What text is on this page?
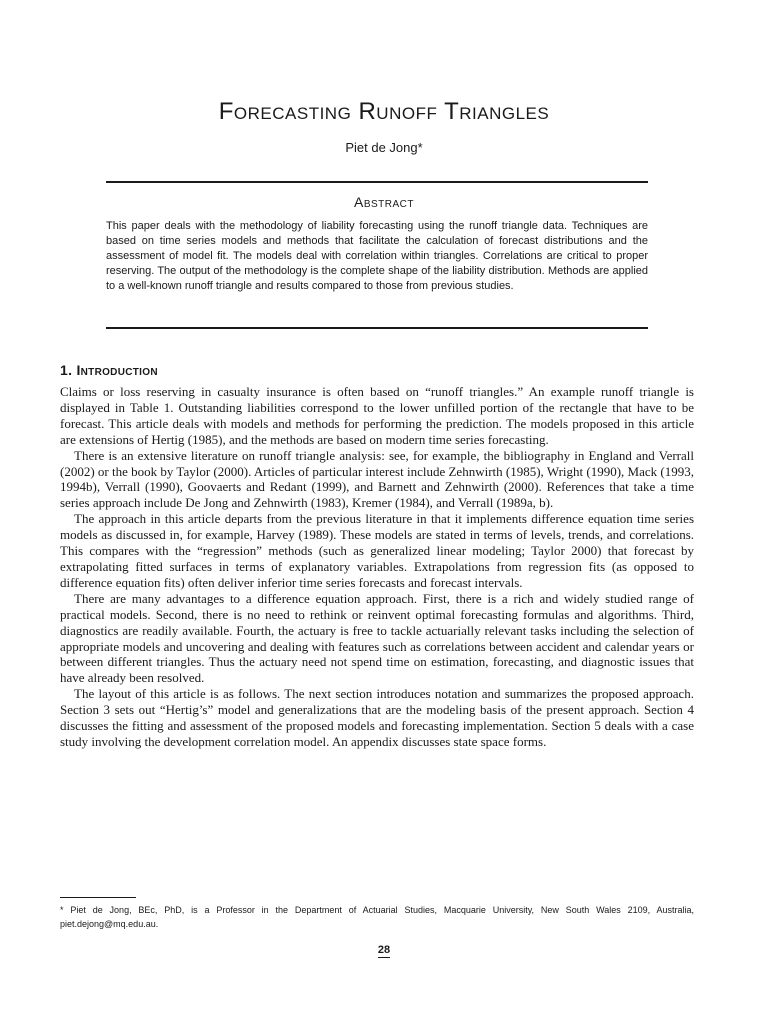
Forecasting Runoff Triangles
Piet de Jong*
Abstract

This paper deals with the methodology of liability forecasting using the runoff triangle data. Techniques are based on time series models and methods that facilitate the calculation of forecast distributions and the assessment of model fit. The models deal with correlation within triangles. Correlations are critical to proper reserving. The output of the methodology is the complete shape of the liability distribution. Methods are applied to a well-known runoff triangle and results compared to those from previous studies.

1. Introduction

Claims or loss reserving in casualty insurance is often based on “runoff triangles.” An example runoff triangle is displayed in Table 1. Outstanding liabilities correspond to the lower unfilled portion of the rectangle that have to be forecast. This article deals with models and methods for performing the prediction. The models proposed in this article are extensions of Hertig (1985), and the methods are based on modern time series forecasting.

There is an extensive literature on runoff triangle analysis: see, for example, the bibliography in England and Verrall (2002) or the book by Taylor (2000). Articles of particular interest include Zehnwirth (1985), Wright (1990), Mack (1993, 1994b), Verrall (1990), Goovaerts and Redant (1999), and Barnett and Zehnwirth (2000). References that take a time series approach include De Jong and Zehnwirth (1983), Kremer (1984), and Verrall (1989a, b).

The approach in this article departs from the previous literature in that it implements difference equation time series models as discussed in, for example, Harvey (1989). These models are stated in terms of levels, trends, and correlations. This compares with the “regression” methods (such as generalized linear modeling; Taylor 2000) that forecast by extrapolating fitted surfaces in terms of explanatory variables. Extrapolations from regression fits (as opposed to difference equation fits) often deliver inferior time series forecasts and forecast intervals.

There are many advantages to a difference equation approach. First, there is a rich and widely studied range of practical models. Second, there is no need to rethink or reinvent optimal forecasting formulas and algorithms. Third, diagnostics are readily available. Fourth, the actuary is free to tackle actuarially relevant tasks including the selection of appropriate models and uncovering and dealing with features such as correlations between accident and calendar years or between different triangles. Thus the actuary need not spend time on estimation, forecasting, and diagnostic issues that have already been resolved.

The layout of this article is as follows. The next section introduces notation and summarizes the proposed approach. Section 3 sets out “Hertig’s” model and generalizations that are the modeling basis of the present approach. Section 4 discusses the fitting and assessment of the proposed models and forecasting implementation. Section 5 deals with a case study involving the development correlation model. An appendix discusses state space forms.

* Piet de Jong, BEc, PhD, is a Professor in the Department of Actuarial Studies, Macquarie University, New South Wales 2109, Australia, piet.dejong@mq.edu.au.

28
